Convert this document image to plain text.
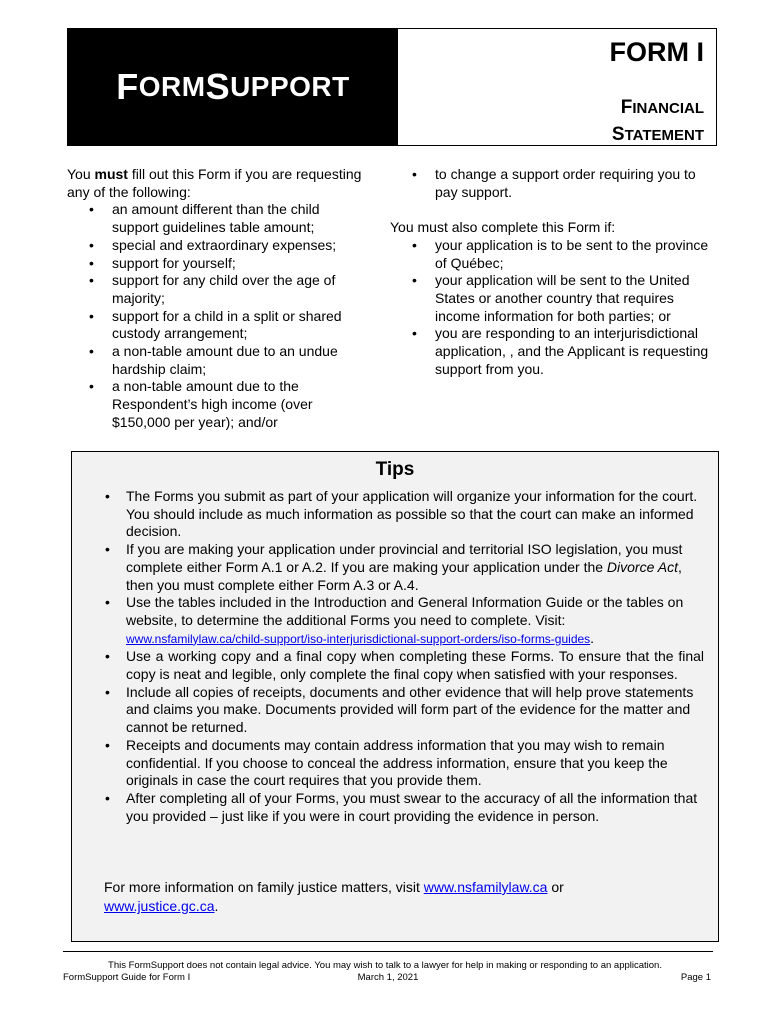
F ORM S UPPORT
FORM I
FINANCIAL
STATEMENT

You must fill out this Form if you are requesting any of the following:

• an amount different than the child support guidelines table amount;
• special and extraordinary expenses;
• support for yourself;
• support for any child over the age of majority;
• support for a child in a split or shared custody arrangement;
• a non-table amount due to an undue hardship claim;
• a non-table amount due to the Respondent’s high income (over $150,000 per year); and/or
• to change a support order requiring you to pay support.

You must also complete this Form if:

• your application is to be sent to the province of Québec;
• your application will be sent to the United States or another country that requires income information for both parties; or
• you are responding to an interjurisdictional application, , and the Applicant is requesting support from you.
Tips
• The Forms you submit as part of your application will organize your information for the court. You should include as much information as possible so that the court can make an informed decision.
• If you are making your application under provincial and territorial ISO legislation, you must complete either Form A.1 or A.2. If you are making your application under the Divorce Act, then you must complete either Form A.3 or A.4.
• Use the tables included in the Introduction and General Information Guide or the tables on website, to determine the additional Forms you need to complete. Visit:
www.nsfamilylaw.ca/child-support/iso-interjurisdictional-support-orders/iso-forms-guides.
• Use a working copy and a final copy when completing these Forms. To ensure that the final copy is neat and legible, only complete the final copy when satisfied with your responses.
• Include all copies of receipts, documents and other evidence that will help prove statements and claims you make. Documents provided will form part of the evidence for the matter and cannot be returned.
• Receipts and documents may contain address information that you may wish to remain confidential. If you choose to conceal the address information, ensure that you keep the originals in case the court requires that you provide them.
• After completing all of your Forms, you must swear to the accuracy of all the information that you provided – just like if you were in court providing the evidence in person.
For more information on family justice matters, visit www.nsfamilylaw.ca or www.justice.gc.ca.
This FormSupport does not contain legal advice. You may wish to talk to a lawyer for help in making or responding to an application.
FormSupport Guide for Form I	March 1, 2021	Page 1
